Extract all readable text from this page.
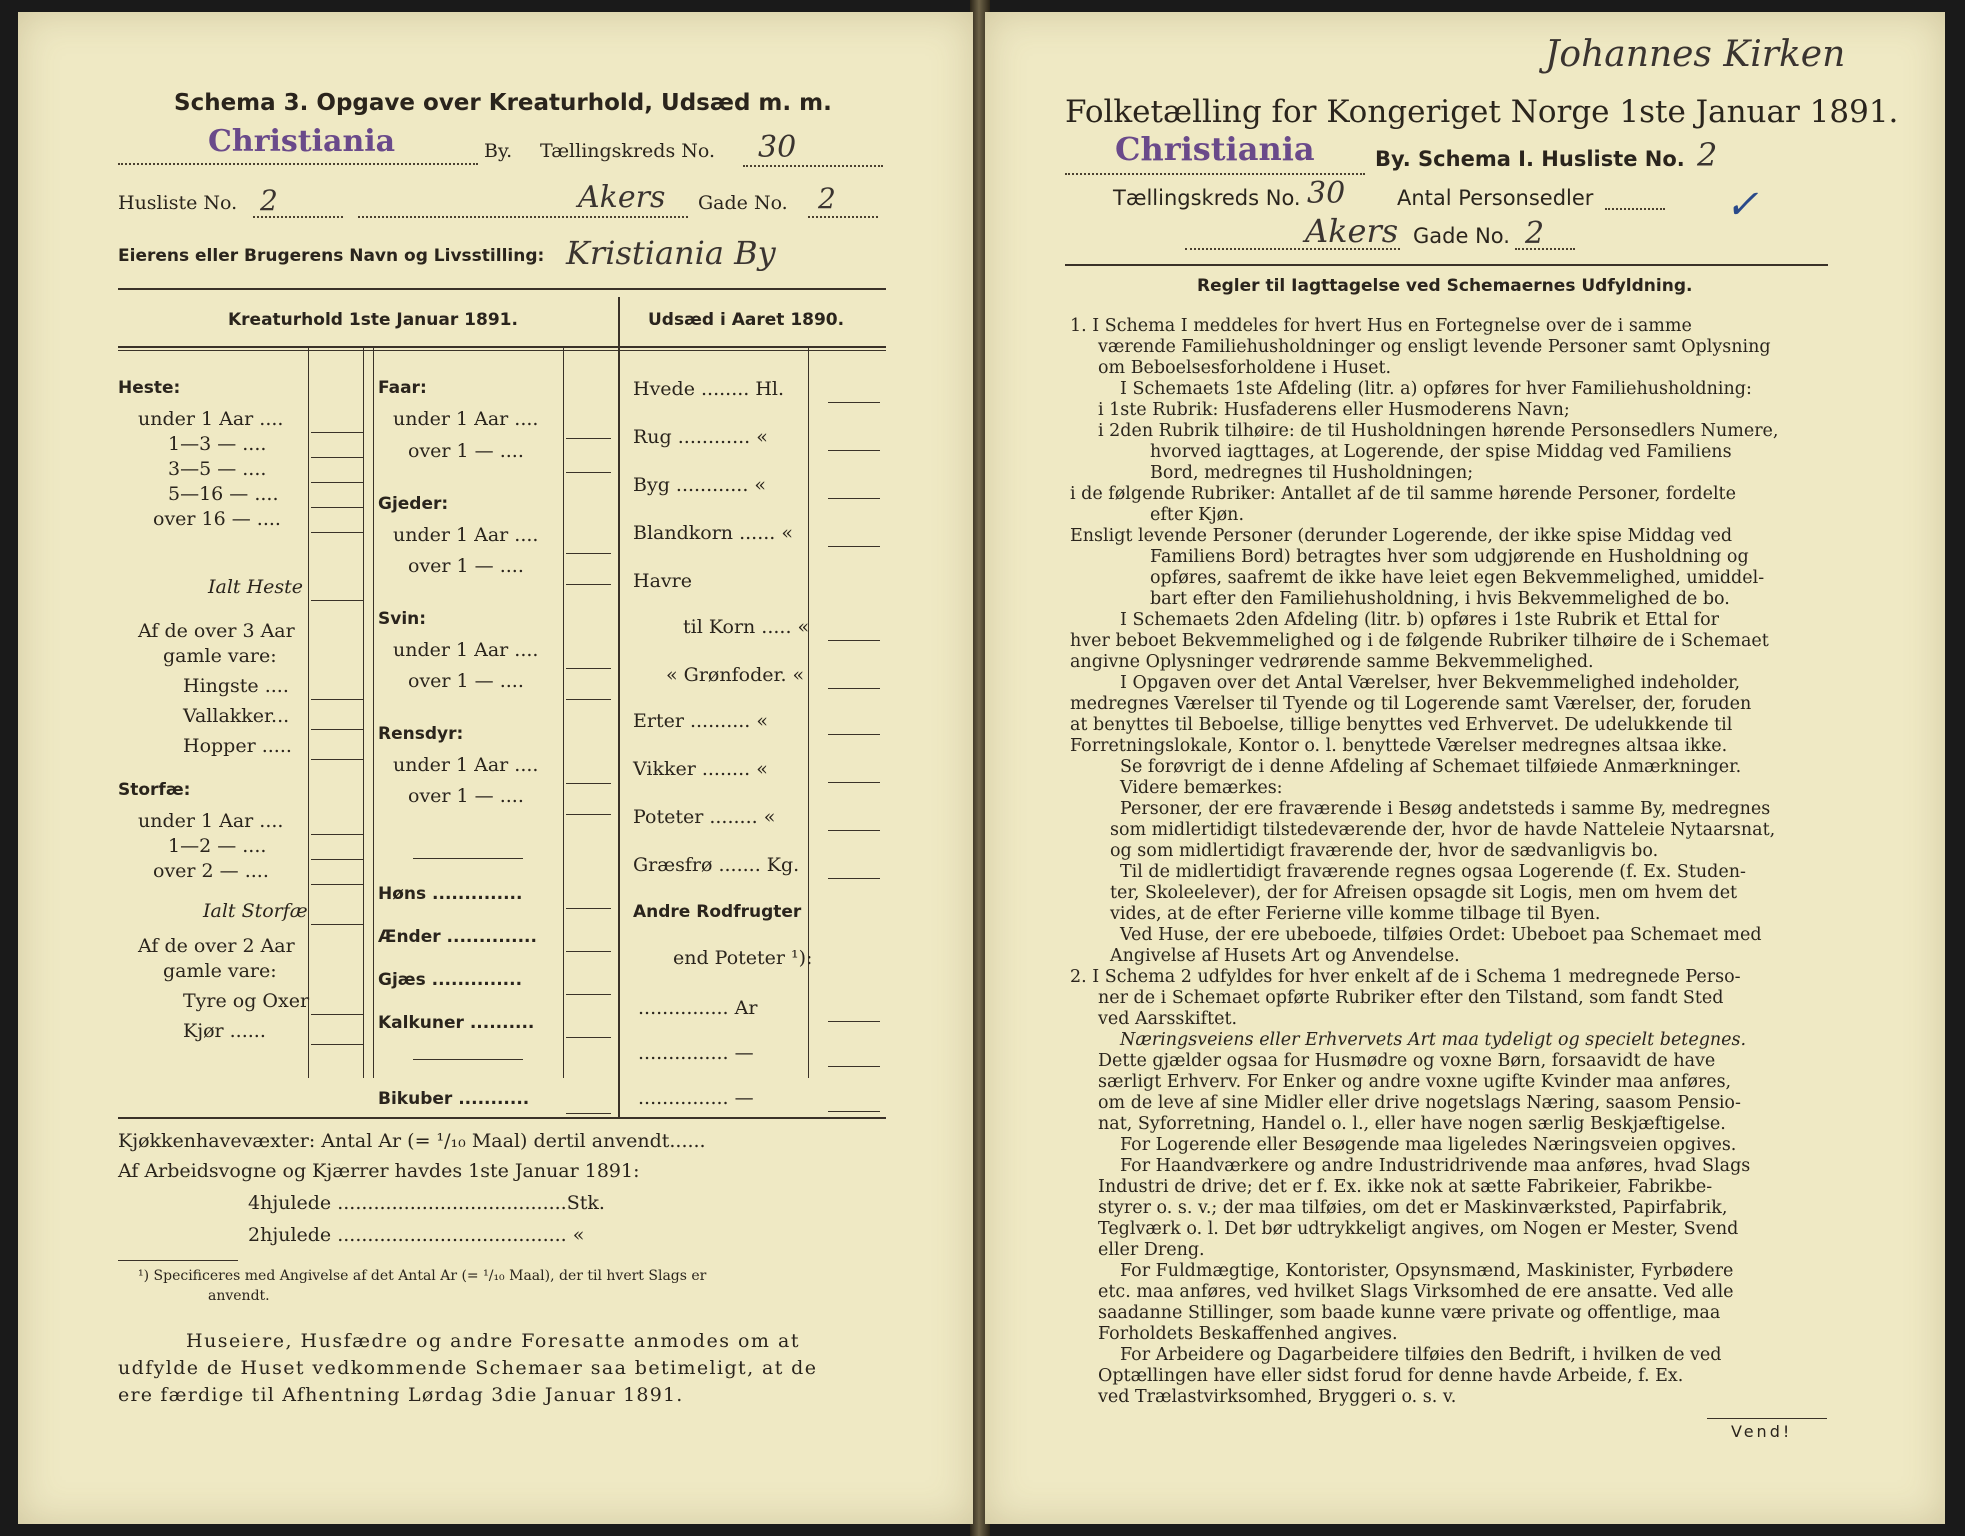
Schema 3. Opgave over Kreaturhold, Udsæd m. m.
Christiania	By. Tællingskreds No. 30
Husliste No. 2	Akers Gade No. 2
Eierens eller Brugerens Navn og Livsstilling: Kristiania By
Kreaturhold 1ste Januar 1891.	Udsæd i Aaret 1890.
Heste:
under 1 Aar ....
1—3 — ....
3—5 — ....
5—16 — ....
over 16 — ....
Ialt Heste
Af de over 3 Aar
gamle vare:
Hingste ....
Vallakker...
Hopper .....
Storfæ:
under 1 Aar ....
1—2 — ....
over 2 — ....
Ialt Storfæ
Af de over 2 Aar
gamle vare:
Tyre og Oxer
Kjør ......
Faar:
under 1 Aar ....
over 1 — ....
Gjeder:
under 1 Aar ....
over 1 — ....
Svin:
under 1 Aar ....
over 1 — ....
Rensdyr:
under 1 Aar ....
over 1 — ....
Høns ..............
Ænder ..............
Gjæs ..............
Kalkuner ..........
Bikuber ...........
Hvede ........ Hl.
Rug ............ «
Byg ............ «
Blandkorn ...... «
Havre
til Korn ..... «
« Grønfoder. «
Erter .......... «
Vikker ........ «
Poteter ........ «
Græsfrø ....... Kg.
Andre Rodfrugter
end Poteter ¹):
............... Ar
............... —
............... —
Kjøkkenhavevæxter: Antal Ar (= ¹/₁₀ Maal) dertil anvendt......
Af Arbeidsvogne og Kjærrer havdes 1ste Januar 1891:
4hjulede ......................................Stk.
2hjulede ...................................... «
¹) Specificeres med Angivelse af det Antal Ar (= ¹/₁₀ Maal), der til hvert Slags er
anvendt.
Huseiere, Husfædre og andre Foresatte anmodes om at
udfylde de Huset vedkommende Schemaer saa betimeligt, at de
ere færdige til Afhentning Lørdag 3die Januar 1891.
Johannes Kirken
Folketælling for Kongeriget Norge 1ste Januar 1891.
Christiania	By. Schema I. Husliste No. 2
Tællingskreds No. 30 Antal Personsedler	✓
Akers Gade No. 2
Regler til Iagttagelse ved Schemaernes Udfyldning.

1. I Schema I meddeles for hvert Hus en Fortegnelse over de i samme

værende Familiehusholdninger og ensligt levende Personer samt Oplysning

om Beboelsesforholdene i Huset.

I Schemaets 1ste Afdeling (litr. a) opføres for hver Familiehusholdning:

i 1ste Rubrik: Husfaderens eller Husmoderens Navn;

i 2den Rubrik tilhøire: de til Husholdningen hørende Personsedlers Numere,

hvorved iagttages, at Logerende, der spise Middag ved Familiens

Bord, medregnes til Husholdningen;

i de følgende Rubriker: Antallet af de til samme hørende Personer, fordelte

efter Kjøn.

Ensligt levende Personer (derunder Logerende, der ikke spise Middag ved

Familiens Bord) betragtes hver som udgjørende en Husholdning og

opføres, saafremt de ikke have leiet egen Bekvemmelighed, umiddel-

bart efter den Familiehusholdning, i hvis Bekvemmelighed de bo.

I Schemaets 2den Afdeling (litr. b) opføres i 1ste Rubrik et Ettal for

hver beboet Bekvemmelighed og i de følgende Rubriker tilhøire de i Schemaet

angivne Oplysninger vedrørende samme Bekvemmelighed.

I Opgaven over det Antal Værelser, hver Bekvemmelighed indeholder,

medregnes Værelser til Tyende og til Logerende samt Værelser, der, foruden

at benyttes til Beboelse, tillige benyttes ved Erhvervet. De udelukkende til

Forretningslokale, Kontor o. l. benyttede Værelser medregnes altsaa ikke.

Se forøvrigt de i denne Afdeling af Schemaet tilføiede Anmærkninger.

Videre bemærkes:

Personer, der ere fraværende i Besøg andetsteds i samme By, medregnes

som midlertidigt tilstedeværende der, hvor de havde Natteleie Nytaarsnat,

og som midlertidigt fraværende der, hvor de sædvanligvis bo.

Til de midlertidigt fraværende regnes ogsaa Logerende (f. Ex. Studen-

ter, Skoleelever), der for Afreisen opsagde sit Logis, men om hvem det

vides, at de efter Ferierne ville komme tilbage til Byen.

Ved Huse, der ere ubeboede, tilføies Ordet: Ubeboet paa Schemaet med

Angivelse af Husets Art og Anvendelse.

2. I Schema 2 udfyldes for hver enkelt af de i Schema 1 medregnede Perso-

ner de i Schemaet opførte Rubriker efter den Tilstand, som fandt Sted

ved Aarsskiftet.

Næringsveiens eller Erhvervets Art maa tydeligt og specielt betegnes.

Dette gjælder ogsaa for Husmødre og voxne Børn, forsaavidt de have

særligt Erhverv. For Enker og andre voxne ugifte Kvinder maa anføres,

om de leve af sine Midler eller drive nogetslags Næring, saasom Pensio-

nat, Syforretning, Handel o. l., eller have nogen særlig Beskjæftigelse.

For Logerende eller Besøgende maa ligeledes Næringsveien opgives.

For Haandværkere og andre Industridrivende maa anføres, hvad Slags

Industri de drive; det er f. Ex. ikke nok at sætte Fabrikeier, Fabrikbe-

styrer o. s. v.; der maa tilføies, om det er Maskinværksted, Papirfabrik,

Teglværk o. l. Det bør udtrykkeligt angives, om Nogen er Mester, Svend

eller Dreng.

For Fuldmægtige, Kontorister, Opsynsmænd, Maskinister, Fyrbødere

etc. maa anføres, ved hvilket Slags Virksomhed de ere ansatte. Ved alle

saadanne Stillinger, som baade kunne være private og offentlige, maa

Forholdets Beskaffenhed angives.

For Arbeidere og Dagarbeidere tilføies den Bedrift, i hvilken de ved

Optællingen have eller sidst forud for denne havde Arbeide, f. Ex.

ved Trælastvirksomhed, Bryggeri o. s. v.

Vend!
